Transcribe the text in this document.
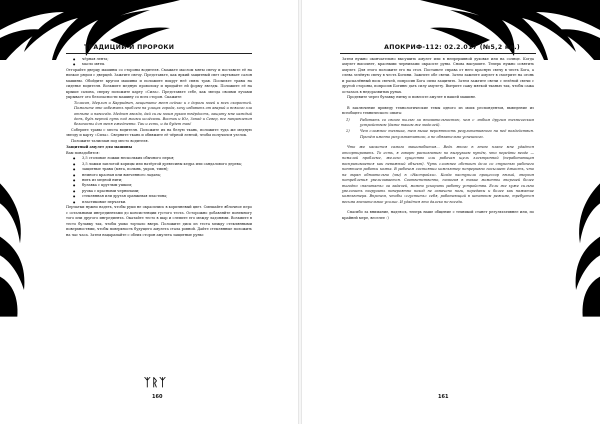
ТРАДИЦИИ И ПРОРОКИ
● чёрная лента;
● масло мяты.

Отгорайте дверцу машины со стороны водителя. Смажьте маслом мяты свечу и поставьте её на низкое рядом с дверцей. Зажгите свечу. Представьте, как яркий защитный свет окутывает салон машины. Обойдите кругом машины и положите вокруг неё связь трав. Посыпьте травы на сиденье водителя. Возьмите медную проволоку и придайте ей форму звезды. Положите её на крыше салона, сверху положите карту «Сила». Представьте себе, как звезда своими лучами укрывает ото безопасности машину со всех сторон. Скажите:

Толасон, Мерлин и Карридвен, защитите меня сейчас и с дороги моей и всех скоростей. Помогите мне избежать проблем на улицах города, хочу избавить от аварий и всякого зла отныне и навсегда. Медная звезда, дай силы моим рукам твёрдость, защиту мне каждый день, будь верной путь под моими колёсами. Восток и Юг, Запад и Север, все направления безопасны для меня ежедневно. Так и есть, и да будет так!

Соберите травы с места водителя. Положите их на белую ткань, положите туда же медную звезду и карту «Сила». Сверните ткань и обвяжите её чёрной лентой, чтобы получился узелок.

Положите талисман под место водителя.

Защитный амулет для машины

Вам понадобятся:

● 3,5 столовые ложки нескольких обычного перья;
● 3,5 ложки заплотой корицы или натёртой древесины кедра или сандалового дерева;
● защитные травы (мята, полынь, укроп, тмин);
● немного красная или вмеченного ладана;
● нить из медной нити;
● булавка с круглым ушком;
● ручка с красными чернилами;
● стеклянная или другая оранжевая пластина;
● пластиковые перчатки.

Перчатки нужно надеть, чтобы руки не окрасились в коричневый цвет. Смешайте яблочное перо с остальными ингредиентами до консистенции густого теста. Осторожно добавляйте понемногу того или другого ингредиента. Окатайте тесто в шар и слепите его между ладонями. Возьмите в тесто булавку так, чтобы ушко торчало вверх. Положите диск из теста между стеклянными поверхностями, чтобы поверхность будущего амулета стала ровной. Дайте стеклянные положить на час часа. Затем нацарапайте с обеих сторон амулета защитные руны:

ᛉᚱᛉ
160
АПОКРИФ-112: 02.2.017 (№5,2 кл.)

Затем нужно окончательно высушить амулет или в непрерывной духовке или на солнце. Когда амулет высохнет, красными чернилами окрасьте руны. Снова высушите. Теперь нужно освятить амулет. Для этого положите его на стол. Поставьте справа от него красную свечу в честь Бога, а слева зелёную свечу в честь Богини. Зажгите обе свечи. Затем зажгите амулет в смотрите на огонь и раскалённый воск свечей, попросив Бога силы защитить. Затем зажгите свечи с зелёной свечи с другой стороны, попросив Богиню дать силу амулету. Вытрите сажу мягкой тканью так, чтобы сажа осталась в недоразвитых рунах.

Продевите через булавку нитку и повесьте амулет в вашей машине.

В заключение приведу технологические темы одного из моих респондентов, выведение из всеобщего технического опыта:

1)	Работать со своим пылью за внимательностью, чем с любым другим техническим устройством (даже таким же моделей).
2)	Чем сложнее техника, тем выше вероятность результативного на неё воздействия. Причём именно результативного, а не обязательно успешного.

Что же касается самого машинобытия... Ведь много в этом плане мне удаётся отсортировать. То есть, я говорю распознанию по выгрузкам путём, что перейти везде — немалой проблеме, железо существо или рабочая щель электронной (неработающая воспринимается как неважный объект). Чуть сложнее обстоит дело со ступенью рабочего понятием работы компа. В рабочем состоянии компьютер непрерывно посылает ёмкость, что на экран обязательно (мы) в «Настройки». Когда наступила процессор вялый, энергия потребления увеличивается. Соответственно, помогая в такие моменты энергией более выгодно «напитать» за задачей, можно ускорить работу устройства. Если же хуже сильно увеличить нагрузить невероятно поход не означено ноги, переданы и более как нажатие компьютера. Впрочем, чтобы «сгустить» себя, работающий в штатном режиме, требуется весьма значительное усилие. И удаётся это далеко не всегда.

Спасибо за внимание, надеюсь, теперь наше общение с техникой станет результативнее или, по крайней мере, веселее :)

161
